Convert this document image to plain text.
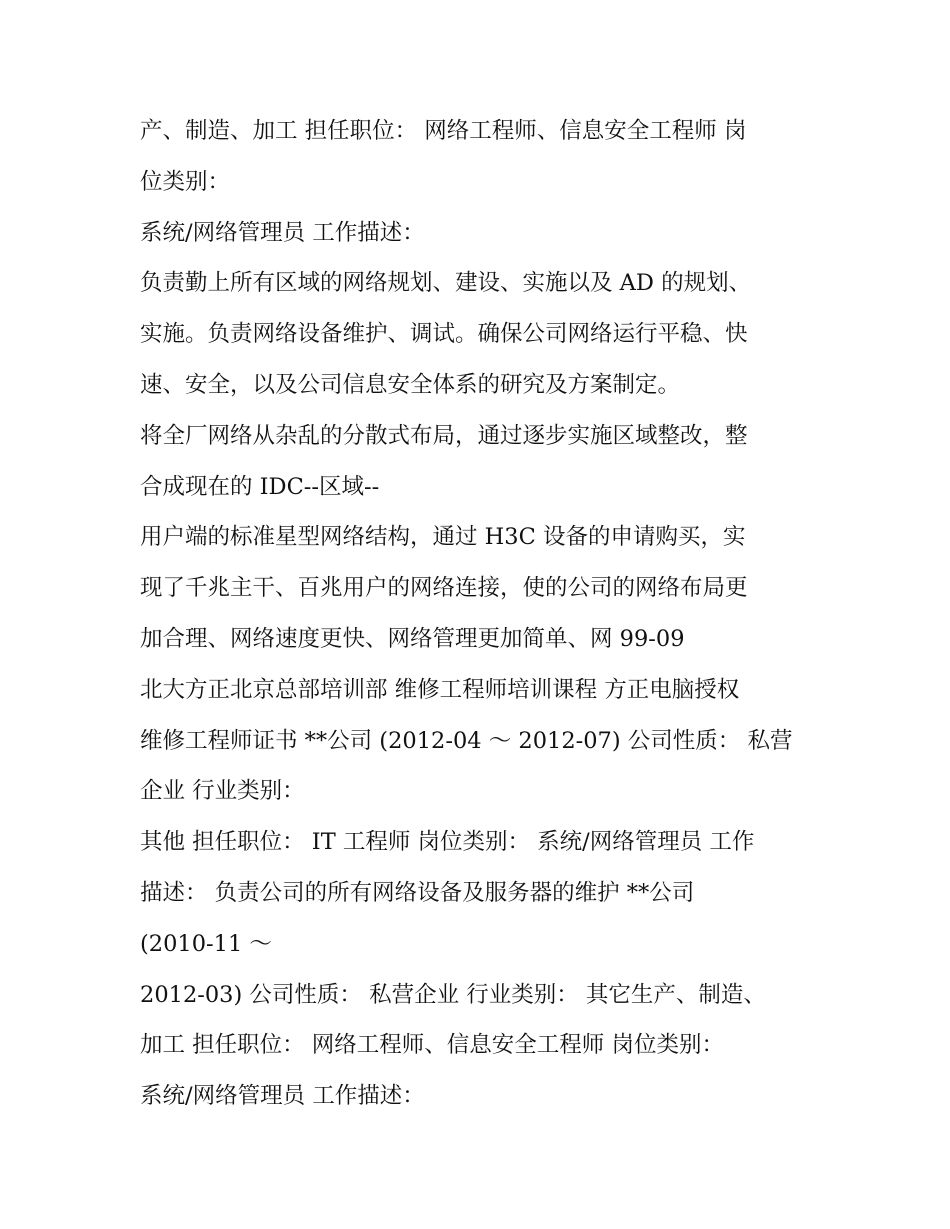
产、制造、加工 担任职位： 网络工程师、信息安全工程师 岗
位类别：
系统/网络管理员 工作描述：
负责勤上所有区域的网络规划、建设、实施以及 AD 的规划、
实施。负责网络设备维护、调试。确保公司网络运行平稳、快
速、安全，以及公司信息安全体系的研究及方案制定。
将全厂网络从杂乱的分散式布局，通过逐步实施区域整改，整
合成现在的 IDC--区域--
用户端的标准星型网络结构，通过 H3C 设备的申请购买，实
现了千兆主干、百兆用户的网络连接，使的公司的网络布局更
加合理、网络速度更快、网络管理更加简单、网 99-09
北大方正北京总部培训部 维修工程师培训课程 方正电脑授权
维修工程师证书 **公司 (2012-04 ～ 2012-07) 公司性质： 私营
企业 行业类别：
其他 担任职位： IT 工程师 岗位类别： 系统/网络管理员 工作
描述： 负责公司的所有网络设备及服务器的维护 **公司
(2010-11 ～
2012-03) 公司性质： 私营企业 行业类别： 其它生产、制造、
加工 担任职位： 网络工程师、信息安全工程师 岗位类别：
系统/网络管理员 工作描述：
